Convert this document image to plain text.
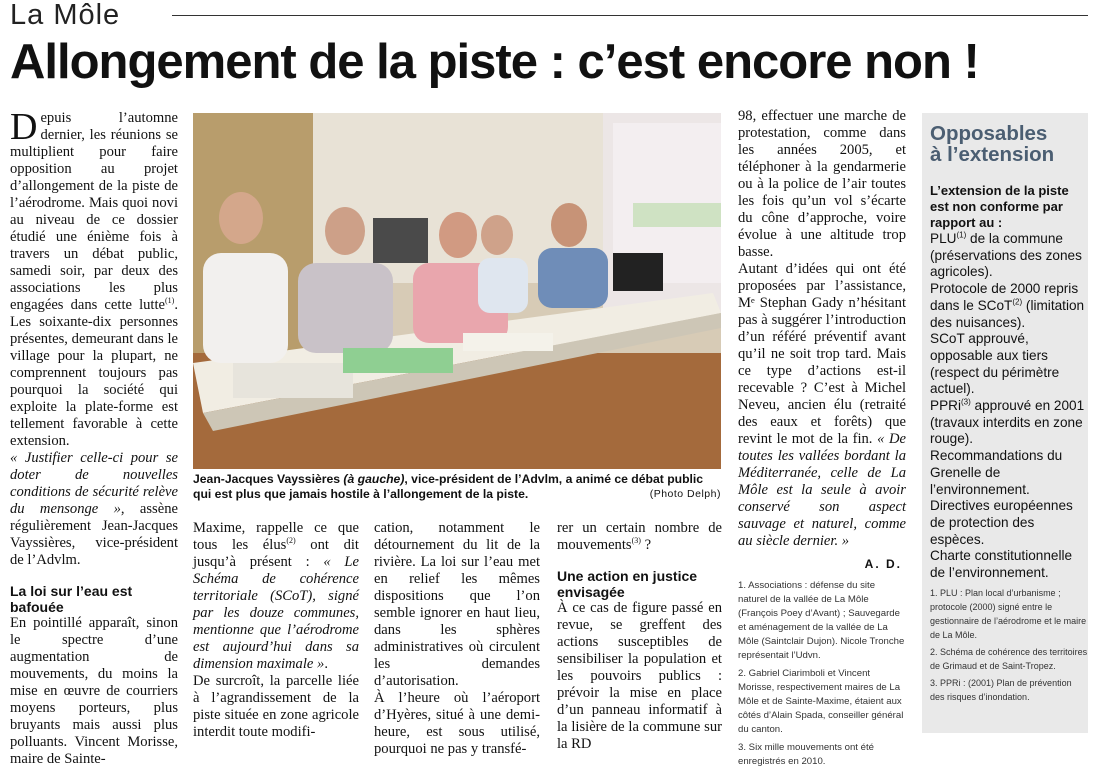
La Môle
Allongement de la piste : c’est encore non !

Depuis l’automne dernier, les réunions se multiplient pour faire opposition au projet d’allongement de la piste de l’aérodrome. Mais quoi novi au niveau de ce dossier étudié une énième fois à travers un débat public, samedi soir, par deux des associations les plus engagées dans cette lutte$^{(1)}$. Les soixante-dix personnes présentes, demeurant dans le village pour la plupart, ne comprennent toujours pas pourquoi la société qui exploite la plate-forme est tellement favorable à cette extension.

« Justifier celle-ci pour se doter de nouvelles conditions de sécurité relève du mensonge », assène régulièrement Jean-Jacques Vayssières, vice-président de l’Advlm.

La loi sur l’eau est bafouée

En pointillé apparaît, sinon le spectre d’une augmentation de mouvements, du moins la mise en œuvre de courriers moyens porteurs, plus bruyants mais aussi plus polluants. Vincent Morisse, maire de Sainte-

Jean-Jacques Vayssières (à gauche), vice-président de l’Advlm, a animé ce débat public qui est plus que jamais hostile à l’allongement de la piste.	(Photo Delph)

Maxime, rappelle ce que tous les élus$^{(2)}$ ont dit jusqu’à présent : « Le Schéma de cohérence territoriale (SCoT), signé par les douze communes, mentionne que l’aérodrome est aujourd’hui dans sa dimension maximale ».

De surcroît, la parcelle liée à l’agrandissement de la piste située en zone agricole interdit toute modifi-

cation, notamment le détournement du lit de la rivière. La loi sur l’eau met en relief les mêmes dispositions que l’on semble ignorer en haut lieu, dans les sphères administratives où circulent les demandes d’autorisation.

À l’heure où l’aéroport d’Hyères, situé à une demi-heure, est sous utilisé, pourquoi ne pas y transfé-

rer un certain nombre de mouvements$^{(3)}$ ?

Une action en justice envisagée

À ce cas de figure passé en revue, se greffent des actions susceptibles de sensibiliser la population et les pouvoirs publics : prévoir la mise en place d’un panneau informatif à la lisière de la commune sur la RD

98, effectuer une marche de protestation, comme dans les années 2005, et téléphoner à la gendarmerie ou à la police de l’air toutes les fois qu’un vol s’écarte du cône d’approche, voire évolue à une altitude trop basse.

Autant d’idées qui ont été proposées par l’assistance, Mᵉ Stephan Gady n’hésitant pas à suggérer l’introduction d’un référé préventif avant qu’il ne soit trop tard. Mais ce type d’actions est-il recevable ? C’est à Michel Neveu, ancien élu (retraité des eaux et forêts) que revint le mot de la fin. « De toutes les vallées bordant la Méditerranée, celle de La Môle est la seule à avoir conservé son aspect sauvage et naturel, comme au siècle dernier. »

A. D.

1. Associations : défense du site naturel de la vallée de La Môle (François Poey d’Avant) ; Sauvegarde et aménagement de la vallée de La Môle (Saintclair Dujon). Nicole Tronche représentait l’Udvn.

2. Gabriel Ciarimboli et Vincent Morisse, respectivement maires de La Môle et de Sainte-Maxime, étaient aux côtés d’Alain Spada, conseiller général du canton.

3. Six mille mouvements ont été enregistrés en 2010.

Opposables
à l’extension
L’extension de la piste est non conforme par rapport au :

PLU$^{(1)}$ de la commune (préservations des zones agricoles).

Protocole de 2000 repris dans le SCoT$^{(2)}$ (limitation des nuisances).

SCoT approuvé, opposable aux tiers (respect du périmètre actuel).

PPRi$^{(3)}$ approuvé en 2001 (travaux interdits en zone rouge).

Recommandations du Grenelle de l’environnement.

Directives européennes de protection des espèces.

Charte constitutionnelle de l’environnement.

1. PLU : Plan local d’urbanisme ; protocole (2000) signé entre le gestionnaire de l’aérodrome et le maire de La Môle.

2. Schéma de cohérence des territoires de Grimaud et de Saint-Tropez.

3. PPRi : (2001) Plan de prévention des risques d’inondation.
